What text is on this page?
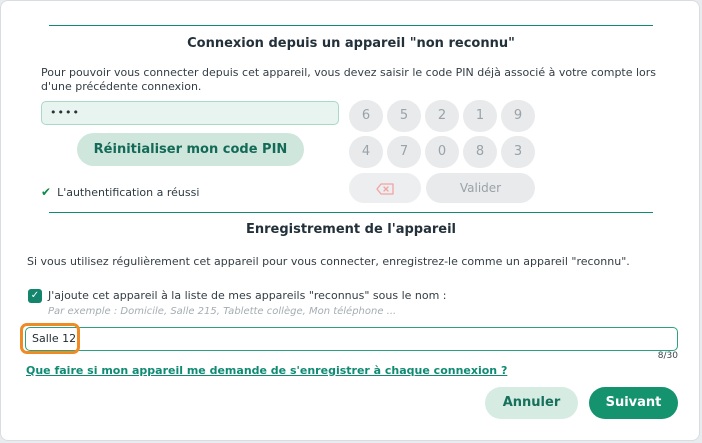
Connexion depuis un appareil "non reconnu"
Pour pouvoir vous connecter depuis cet appareil, vous devez saisir le code PIN déjà associé à votre compte lors d'une précédente connexion.
••••
Réinitialiser mon code PIN
✔ L'authentification a réussi
6	5	2	1	9
4	7	0	8	3
Valider
Enregistrement de l'appareil
Si vous utilisez régulièrement cet appareil pour vous connecter, enregistrez-le comme un appareil "reconnu".
✓ J'ajoute cet appareil à la liste de mes appareils "reconnus" sous le nom :
Par exemple : Domicile, Salle 215, Tablette collège, Mon téléphone ...
Salle 12
8/30
Que faire si mon appareil me demande de s'enregistrer à chaque connexion ?
Annuler	Suivant
